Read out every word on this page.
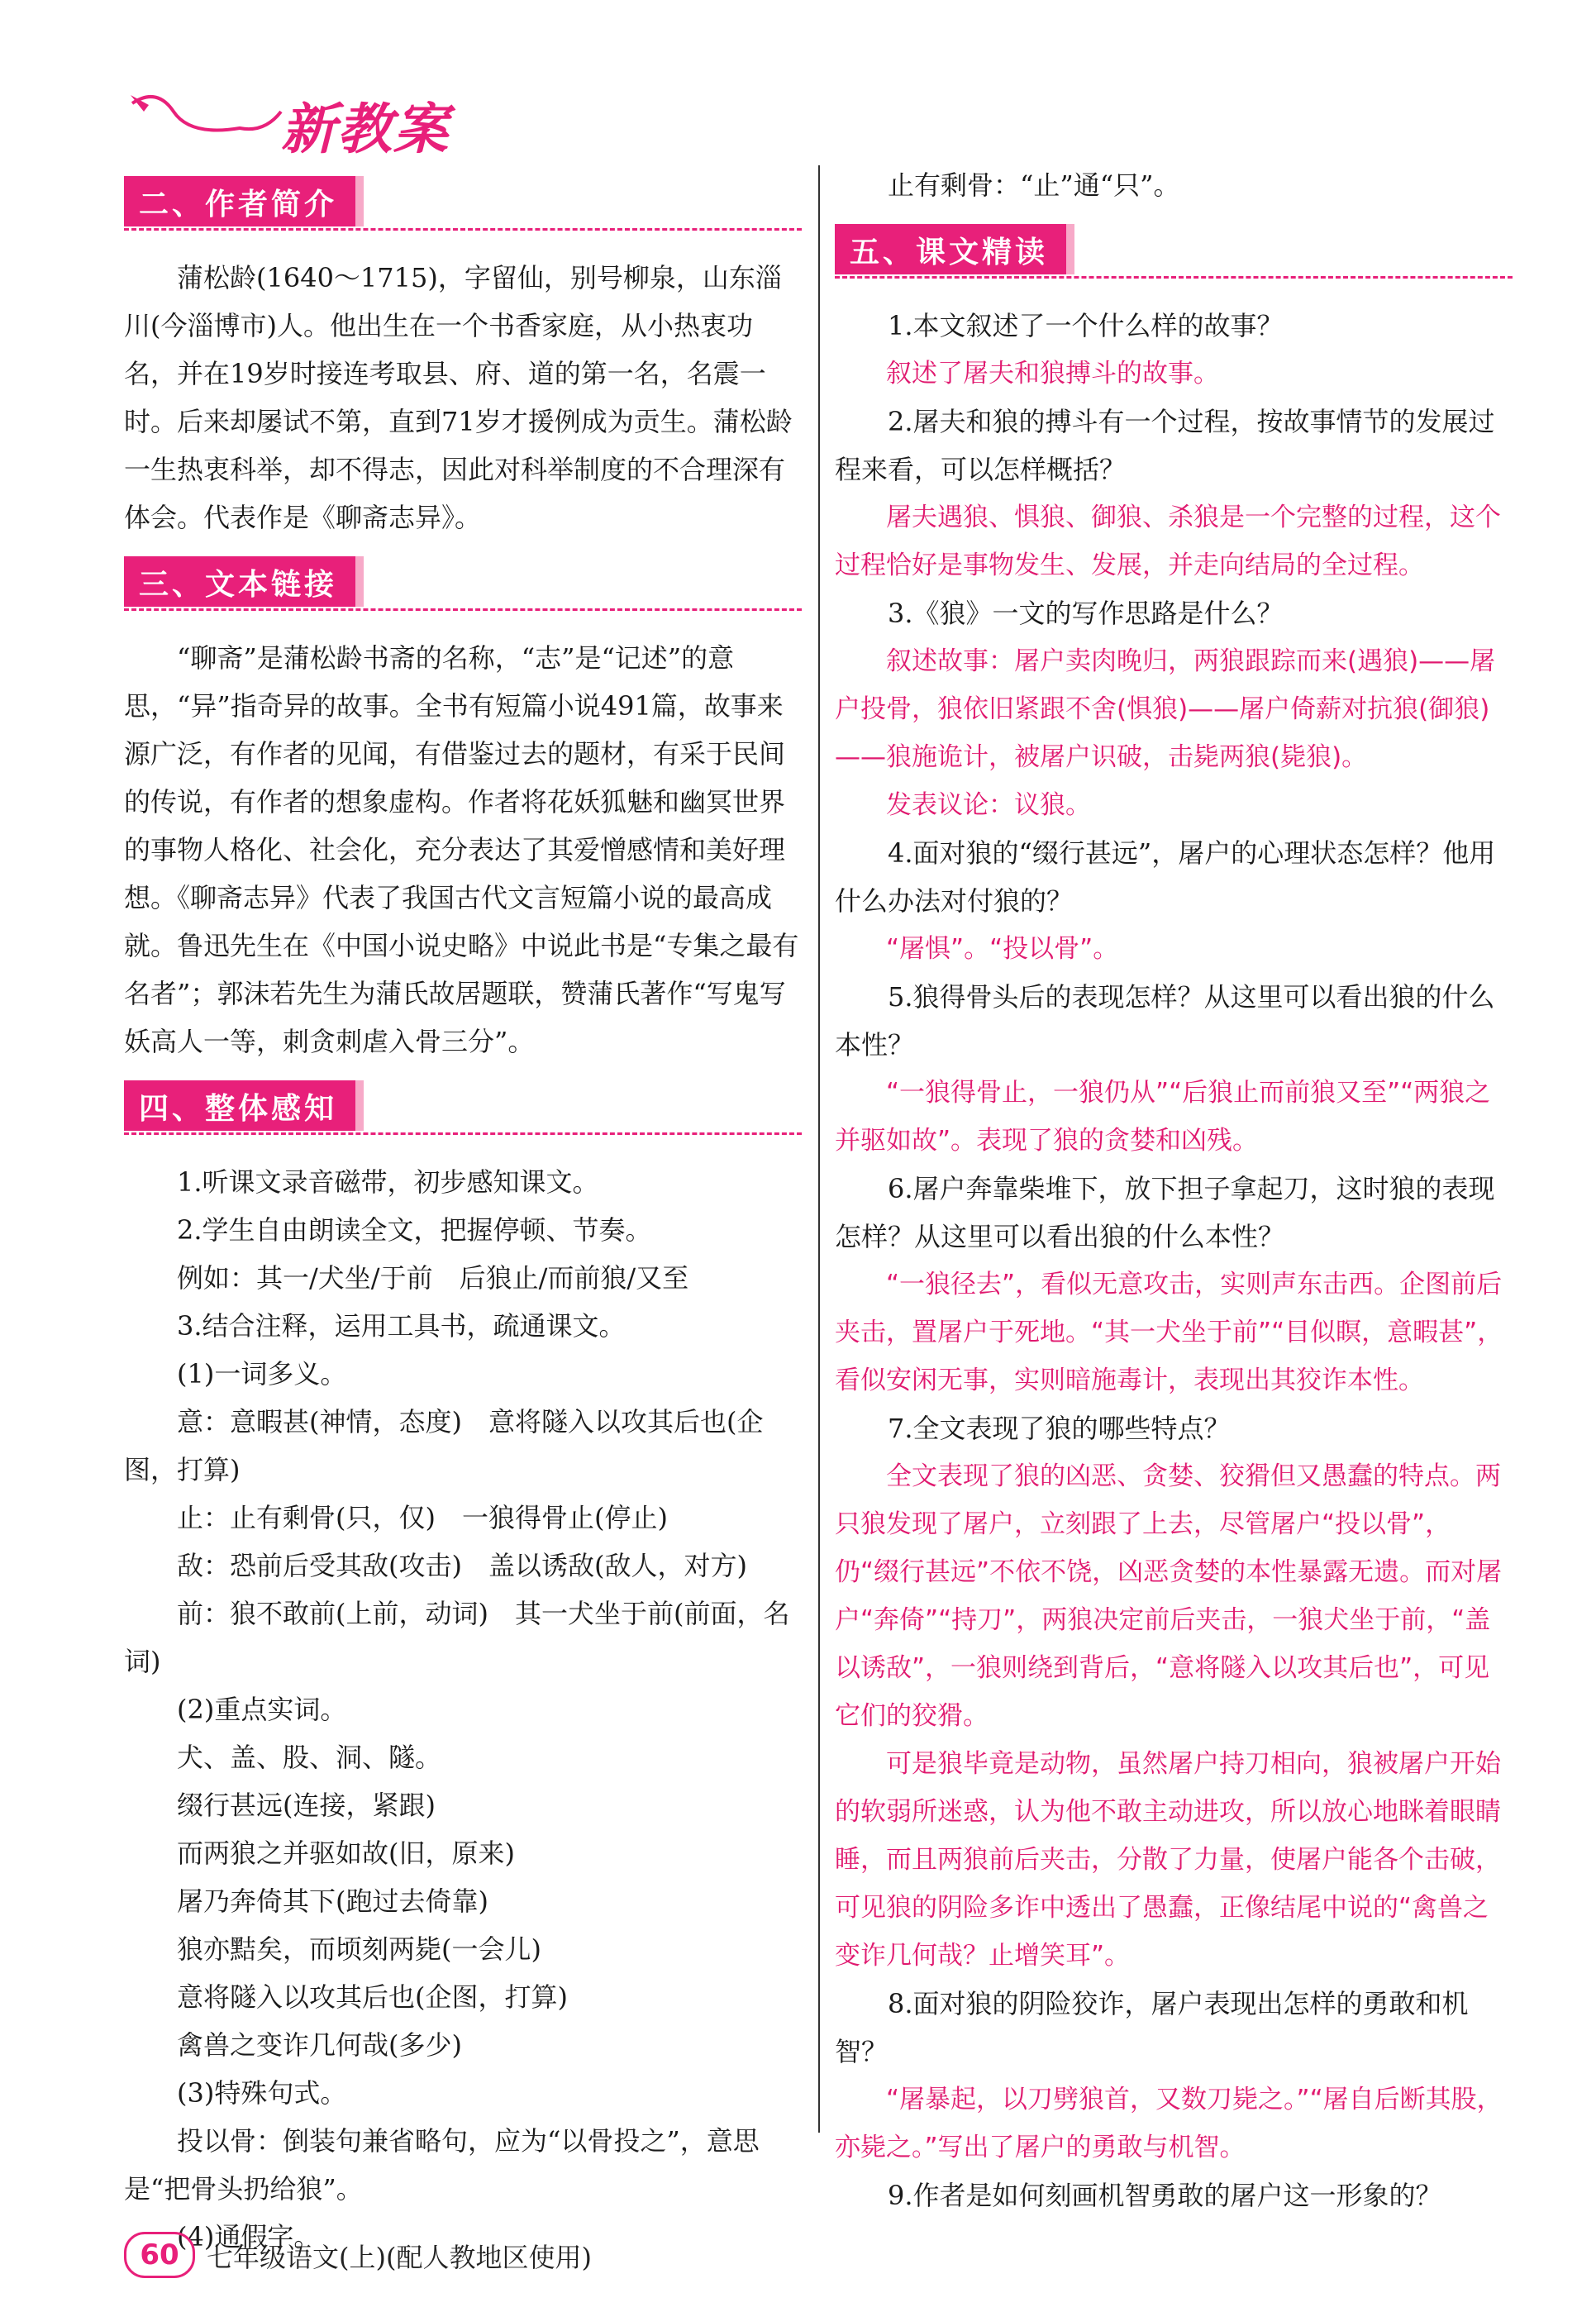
新教案
二、作者简介

蒲松龄(1640～1715)，字留仙，别号柳泉，山东淄川(今淄博市)人。他出生在一个书香家庭，从小热衷功名，并在19岁时接连考取县、府、道的第一名，名震一时。后来却屡试不第，直到71岁才援例成为贡生。蒲松龄一生热衷科举，却不得志，因此对科举制度的不合理深有体会。代表作是《聊斋志异》。

三、文本链接

“聊斋”是蒲松龄书斋的名称，“志”是“记述”的意思，“异”指奇异的故事。全书有短篇小说491篇，故事来源广泛，有作者的见闻，有借鉴过去的题材，有采于民间的传说，有作者的想象虚构。作者将花妖狐魅和幽冥世界的事物人格化、社会化，充分表达了其爱憎感情和美好理想。《聊斋志异》代表了我国古代文言短篇小说的最高成就。鲁迅先生在《中国小说史略》中说此书是“专集之最有名者”；郭沫若先生为蒲氏故居题联，赞蒲氏著作“写鬼写妖高人一等，刺贪刺虐入骨三分”。

四、整体感知

1.听课文录音磁带，初步感知课文。

2.学生自由朗读全文，把握停顿、节奏。

例如：其一/犬坐/于前　后狼止/而前狼/又至

3.结合注释，运用工具书，疏通课文。

(1)一词多义。

意：意暇甚(神情，态度)　意将隧入以攻其后也(企图，打算)

止：止有剩骨(只，仅)　一狼得骨止(停止)

敌：恐前后受其敌(攻击)　盖以诱敌(敌人，对方)

前：狼不敢前(上前，动词)　其一犬坐于前(前面，名词)

(2)重点实词。

犬、盖、股、洞、隧。

缀行甚远(连接，紧跟)

而两狼之并驱如故(旧，原来)

屠乃奔倚其下(跑过去倚靠)

狼亦黠矣，而顷刻两毙(一会儿)

意将隧入以攻其后也(企图，打算)

禽兽之变诈几何哉(多少)

(3)特殊句式。

投以骨：倒装句兼省略句，应为“以骨投之”，意思是“把骨头扔给狼”。

(4)通假字。

止有剩骨：“止”通“只”。

五、课文精读

1.本文叙述了一个什么样的故事？

叙述了屠夫和狼搏斗的故事。

2.屠夫和狼的搏斗有一个过程，按故事情节的发展过程来看，可以怎样概括？

屠夫遇狼、惧狼、御狼、杀狼是一个完整的过程，这个过程恰好是事物发生、发展，并走向结局的全过程。

3.《狼》一文的写作思路是什么？

叙述故事：屠户卖肉晚归，两狼跟踪而来(遇狼)——屠户投骨，狼依旧紧跟不舍(惧狼)——屠户倚薪对抗狼(御狼)——狼施诡计，被屠户识破，击毙两狼(毙狼)。

发表议论：议狼。

4.面对狼的“缀行甚远”，屠户的心理状态怎样？他用什么办法对付狼的？

“屠惧”。“投以骨”。

5.狼得骨头后的表现怎样？从这里可以看出狼的什么本性？

“一狼得骨止，一狼仍从”“后狼止而前狼又至”“两狼之并驱如故”。表现了狼的贪婪和凶残。

6.屠户奔靠柴堆下，放下担子拿起刀，这时狼的表现怎样？从这里可以看出狼的什么本性？

“一狼径去”，看似无意攻击，实则声东击西。企图前后夹击，置屠户于死地。“其一犬坐于前”“目似瞑，意暇甚”，看似安闲无事，实则暗施毒计，表现出其狡诈本性。

7.全文表现了狼的哪些特点？

全文表现了狼的凶恶、贪婪、狡猾但又愚蠢的特点。两只狼发现了屠户，立刻跟了上去，尽管屠户“投以骨”，仍“缀行甚远”不依不饶，凶恶贪婪的本性暴露无遗。而对屠户“奔倚”“持刀”，两狼决定前后夹击，一狼犬坐于前，“盖以诱敌”，一狼则绕到背后，“意将隧入以攻其后也”，可见它们的狡猾。

可是狼毕竟是动物，虽然屠户持刀相向，狼被屠户开始的软弱所迷惑，认为他不敢主动进攻，所以放心地眯着眼睛睡，而且两狼前后夹击，分散了力量，使屠户能各个击破，可见狼的阴险多诈中透出了愚蠢，正像结尾中说的“禽兽之变诈几何哉？止增笑耳”。

8.面对狼的阴险狡诈，屠户表现出怎样的勇敢和机智？

“屠暴起，以刀劈狼首，又数刀毙之。”“屠自后断其股，亦毙之。”写出了屠户的勇敢与机智。

9.作者是如何刻画机智勇敢的屠户这一形象的？

60	七年级语文(上)(配人教地区使用)
